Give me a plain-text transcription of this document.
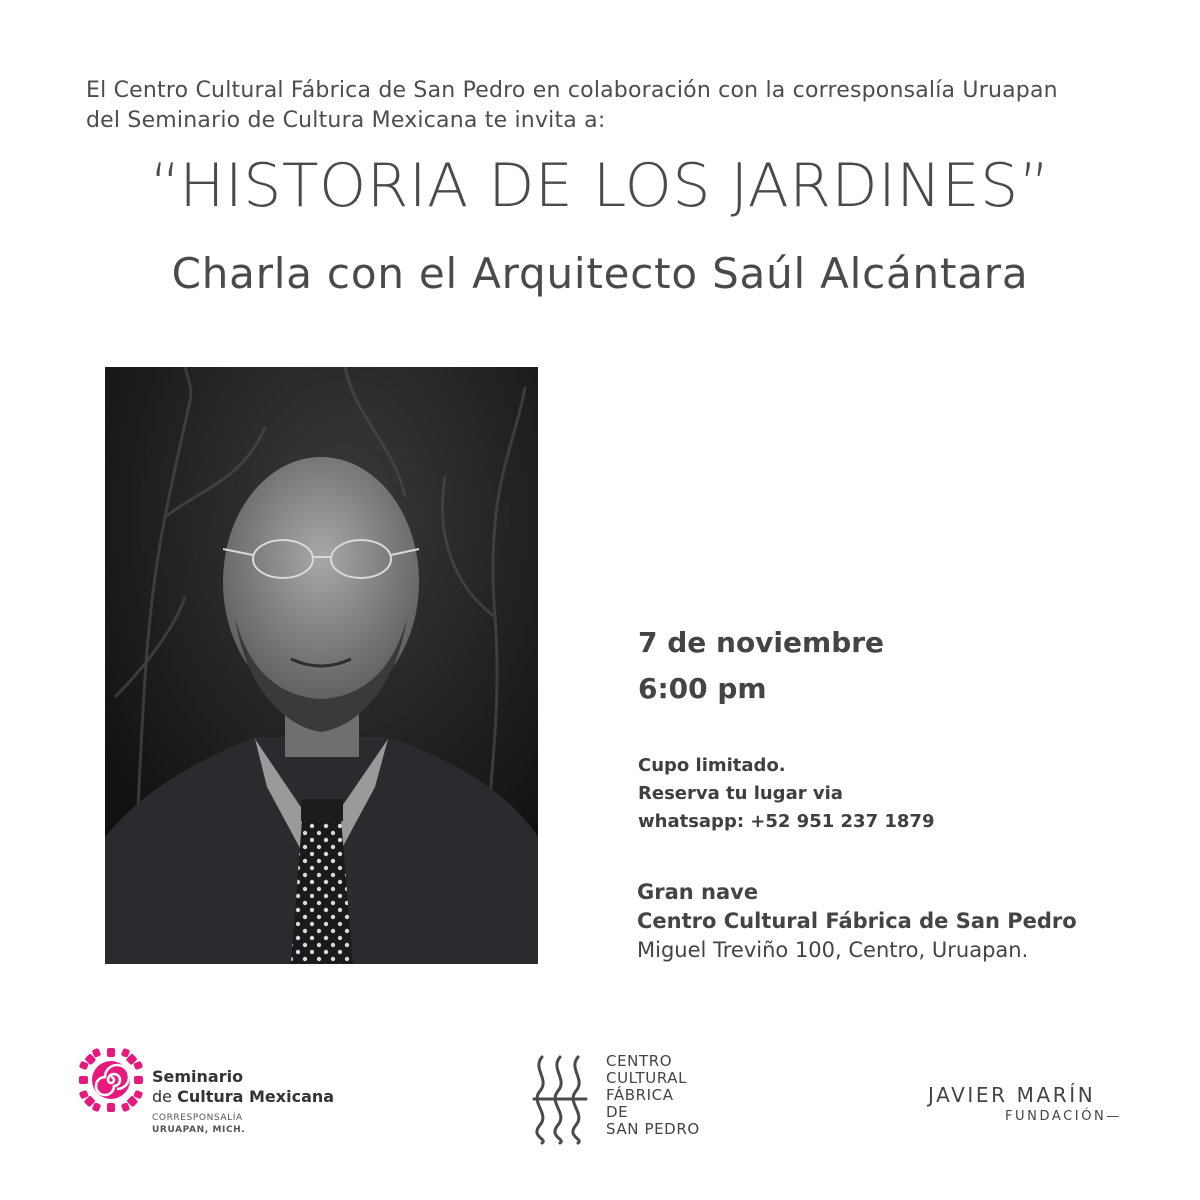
El Centro Cultural Fábrica de San Pedro en colaboración con la corresponsalía Uruapan
del Seminario de Cultura Mexicana te invita a:
“HISTORIA DE LOS JARDINES”
Charla con el Arquitecto Saúl Alcántara
7 de noviembre
6:00 pm
Cupo limitado.
Reserva tu lugar via
whatsapp: +52 951 237 1879
Gran nave
Centro Cultural Fábrica de San Pedro
Miguel Treviño 100, Centro, Uruapan.
Seminario
de Cultura Mexicana
CORRESPONSALÍA
URUAPAN, MICH.
CENTRO
CULTURAL
FÁBRICA
DE
SAN PEDRO
JAVIER MARÍN
FUNDACIÓN—
